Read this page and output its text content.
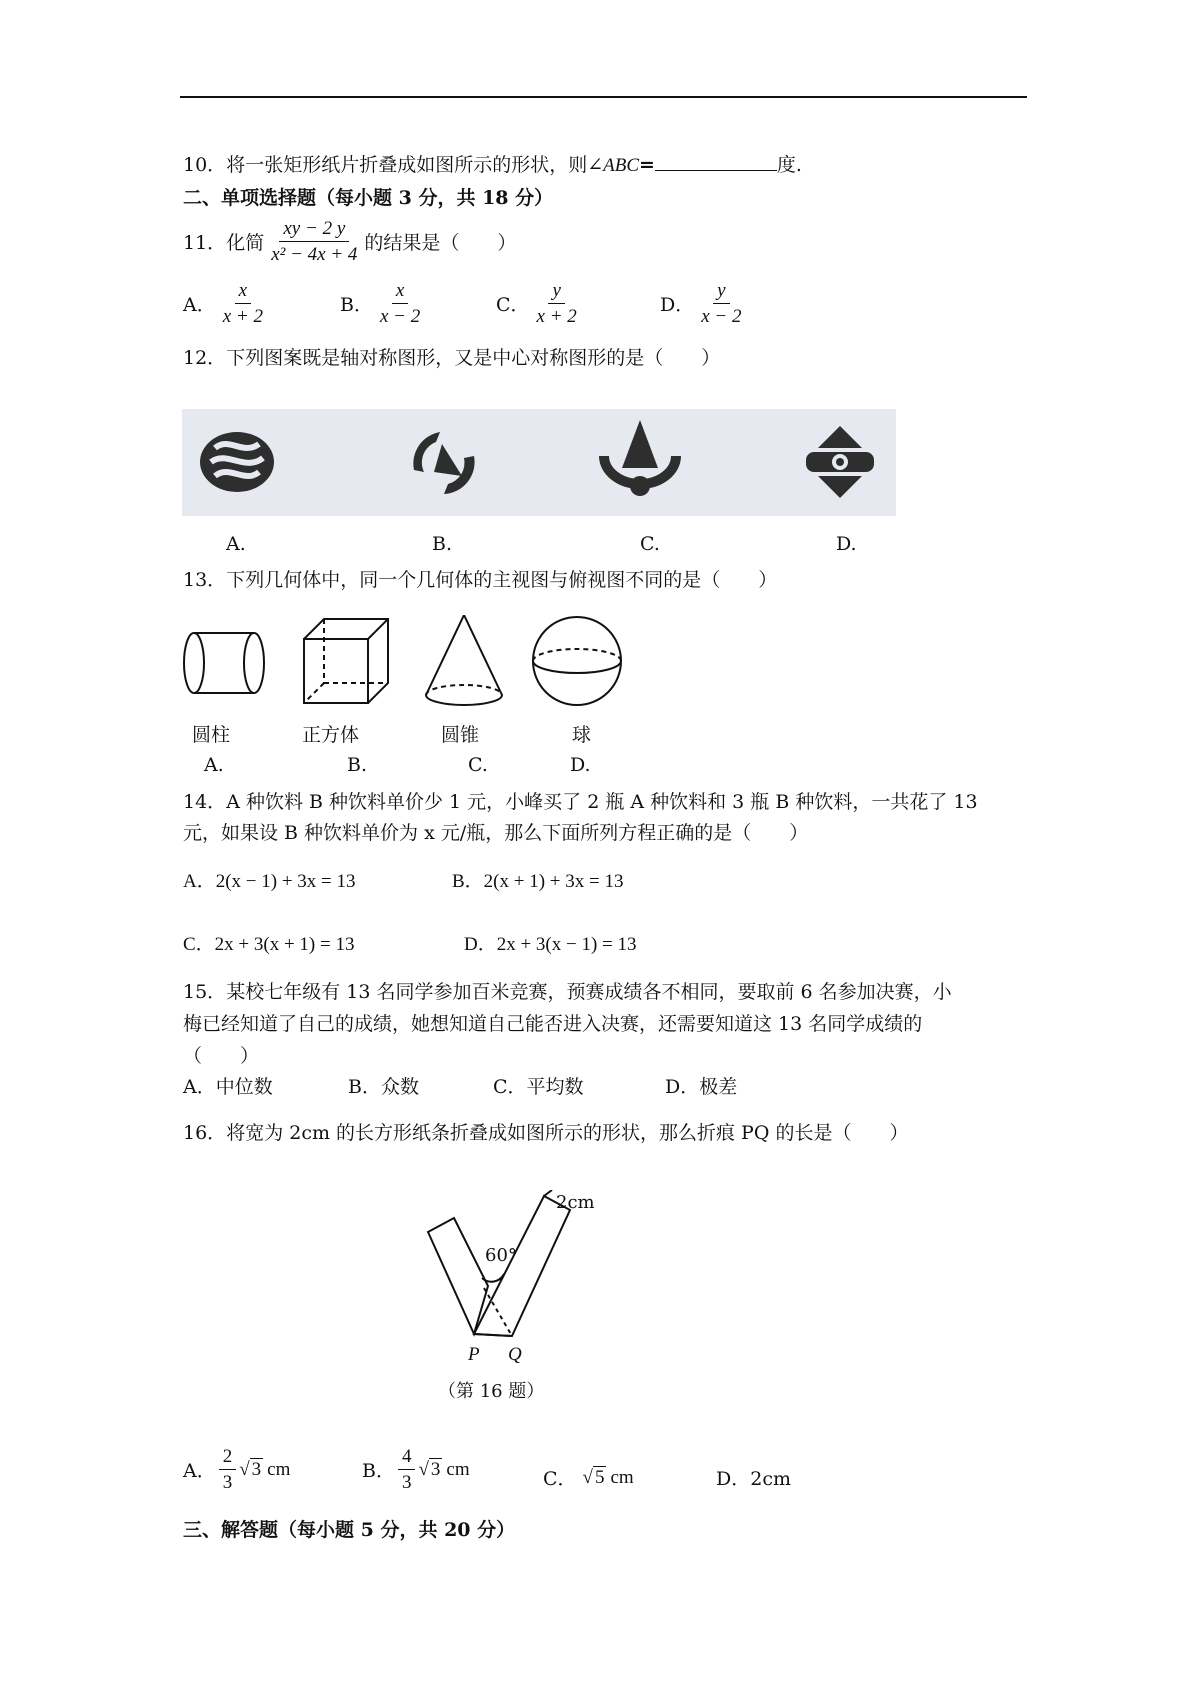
10．将一张矩形纸片折叠成如图所示的形状，则∠ABC=	度.
二、单项选择题（每小题 3 分，共 18 分）
11． 化简 $\frac{xy - 2 y}{\text{x² − 4x + 4}}$ 的结果是（　　）
A． $\frac{x}{x + 2}$	B． $\frac{x}{x - 2}$	C． $\frac{y}{x + 2}$	D． $\frac{y}{x - 2}$
12．下列图案既是轴对称图形，又是中心对称图形的是（　　）
A.	B.	C.	D.
13．下列几何体中，同一个几何体的主视图与俯视图不同的是（　　）
圆柱	正方体	圆锥	球
A.	B.	C.	D.
14．A 种饮料 B 种饮料单价少 1 元，小峰买了 2 瓶 A 种饮料和 3 瓶 B 种饮料，一共花了 13
元，如果设 B 种饮料单价为 x 元/瓶，那么下面所列方程正确的是（　　）
A．2(x − 1) + 3x = 13	B．2(x + 1) + 3x = 13
C．2x + 3(x + 1) = 13	D．2x + 3(x − 1) = 13
15．某校七年级有 13 名同学参加百米竞赛，预赛成绩各不相同，要取前 6 名参加决赛，小
梅已经知道了自己的成绩，她想知道自己能否进入决赛，还需要知道这 13 名同学成绩的
（　　）
A．中位数	B．众数	C．平均数	D．极差
16．将宽为 2cm 的长方形纸条折叠成如图所示的形状，那么折痕 PQ 的长是（　　）
2cm
60°
P Q
（第 16 题）
A． $\frac{2}{3}$ √ 3 cm	B． $\frac{4}{3}$ √ 3 cm	C． √ 5 cm	D．2cm
三、解答题（每小题 5 分，共 20 分）
